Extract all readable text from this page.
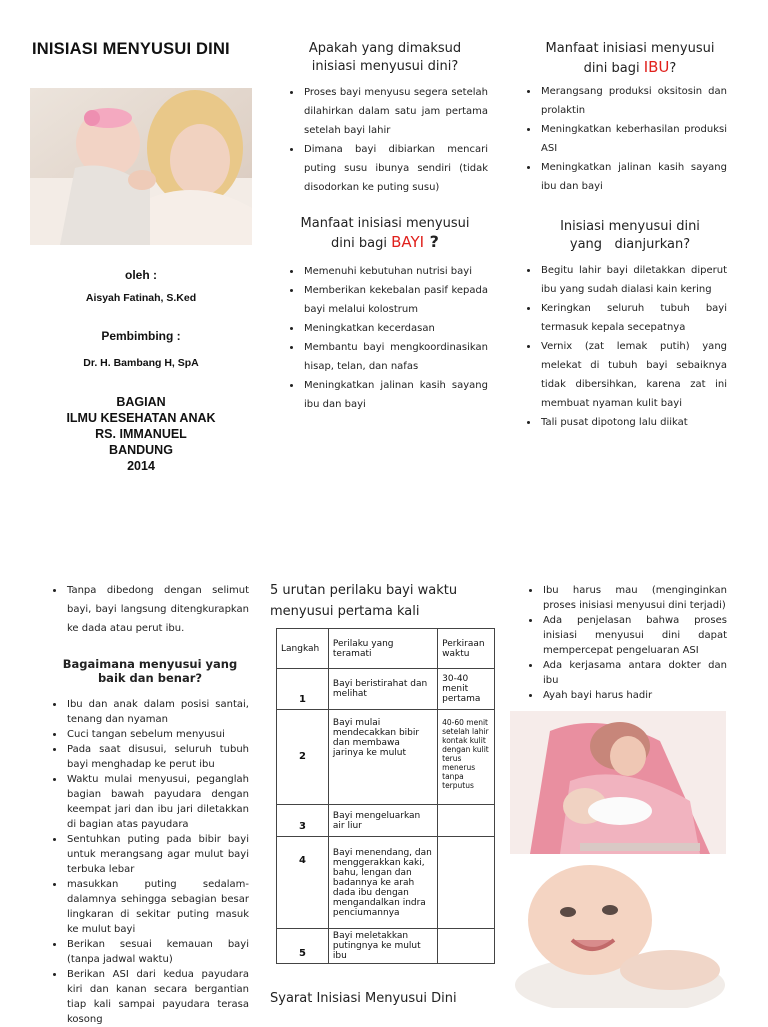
INISIASI MENYUSUI DINI
oleh :
Aisyah Fatinah, S.Ked
Pembimbing :
Dr. H. Bambang H, SpA
BAGIAN
ILMU KESEHATAN ANAK
RS. IMMANUEL
BANDUNG
2014
Apakah yang dimaksud
inisiasi menyusui dini?
• Proses bayi menyusu segera setelah dilahirkan dalam satu jam pertama setelah bayi lahir
• Dimana bayi dibiarkan mencari puting susu ibunya sendiri (tidak disodorkan ke puting susu)
Manfaat inisiasi menyusui
dini bagi BAYI ?
• Memenuhi kebutuhan nutrisi bayi
• Memberikan kekebalan pasif kepada bayi melalui kolostrum
• Meningkatkan kecerdasan
• Membantu bayi mengkoordinasikan hisap, telan, dan nafas
• Meningkatkan jalinan kasih sayang ibu dan bayi
Manfaat inisiasi menyusui
dini bagi IBU?
• Merangsang produksi oksitosin dan prolaktin
• Meningkatkan keberhasilan produksi ASI
• Meningkatkan jalinan kasih sayang ibu dan bayi
Inisiasi menyusui dini
yang   dianjurkan?
• Begitu lahir bayi diletakkan diperut ibu yang sudah dialasi kain kering
• Keringkan seluruh tubuh bayi termasuk kepala secepatnya
• Vernix (zat lemak putih) yang melekat di tubuh bayi sebaiknya tidak dibersihkan, karena zat ini membuat nyaman kulit bayi
• Tali pusat dipotong lalu diikat
• Tanpa dibedong dengan selimut bayi, bayi langsung ditengkurapkan ke dada atau perut ibu.
Bagaimana menyusui yang
baik dan benar?
• Ibu dan anak dalam posisi santai, tenang dan nyaman
• Cuci tangan sebelum menyusui
• Pada saat disusui, seluruh tubuh bayi menghadap ke perut ibu
• Waktu mulai menyusui, peganglah bagian bawah payudara dengan keempat jari dan ibu jari diletakkan di bagian atas payudara
• Sentuhkan puting pada bibir bayi untuk merangsang agar mulut bayi terbuka lebar
• masukkan puting sedalam-dalamnya sehingga sebagian besar lingkaran di sekitar puting masuk ke mulut bayi
• Berikan sesuai kemauan bayi (tanpa jadwal waktu)
• Berikan ASI dari kedua payudara kiri dan kanan secara bergantian tiap kali sampai payudara terasa kosong
5 urutan perilaku bayi waktu
menyusui pertama kali
Langkah	Perilaku yang teramati	Perkiraan waktu
1	Bayi beristirahat dan melihat	30-40 menit pertama
2	Bayi mulai mendecakkan bibir dan membawa jarinya ke mulut	40-60 menit setelah lahir kontak kulit dengan kulit terus menerus tanpa terputus
3	Bayi mengeluarkan air liur	
4	Bayi menendang, dan menggerakkan kaki, bahu, lengan dan badannya ke arah dada ibu dengan mengandalkan indra penciumannya	
5	Bayi meletakkan putingnya ke mulut ibu	
Syarat Inisiasi Menyusui Dini
• Ibu harus mau (menginginkan proses inisiasi menyusui dini terjadi)
• Ada penjelasan bahwa proses inisiasi menyusui dini dapat mempercepat pengeluaran ASI
• Ada kerjasama antara dokter dan ibu
• Ayah bayi harus hadir
